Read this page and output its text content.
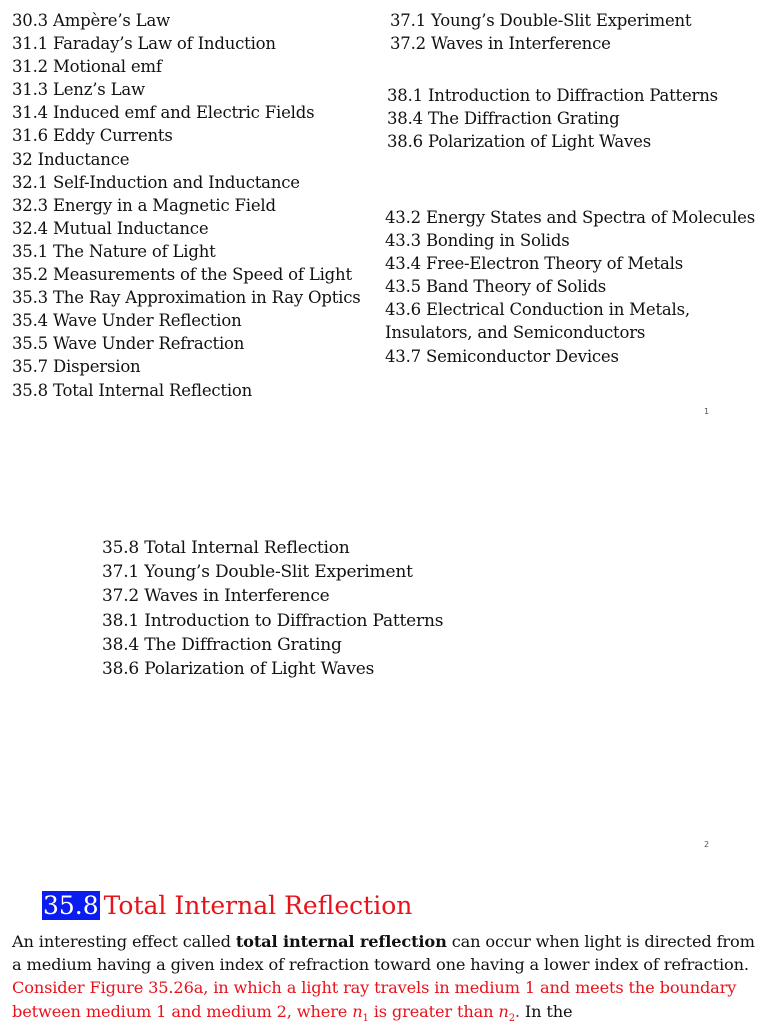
30.3 Ampère’s Law
31.1 Faraday’s Law of Induction
31.2 Motional emf
31.3 Lenz’s Law
31.4 Induced emf and Electric Fields
31.6 Eddy Currents
32 Inductance
32.1 Self-Induction and Inductance
32.3 Energy in a Magnetic Field
32.4 Mutual Inductance
35.1 The Nature of Light
35.2 Measurements of the Speed of Light
35.3 The Ray Approximation in Ray Optics
35.4 Wave Under Reflection
35.5 Wave Under Refraction
35.7 Dispersion
35.8 Total Internal Reflection
37.1 Young’s Double-Slit Experiment
37.2 Waves in Interference
38.1 Introduction to Diffraction Patterns
38.4 The Diffraction Grating
38.6 Polarization of Light Waves
43.2 Energy States and Spectra of Molecules
43.3 Bonding in Solids
43.4 Free-Electron Theory of Metals
43.5 Band Theory of Solids
43.6 Electrical Conduction in Metals, Insulators, and Semiconductors
43.7 Semiconductor Devices
1
35.8 Total Internal Reflection
37.1 Young’s Double-Slit Experiment
37.2 Waves in Interference
38.1 Introduction to Diffraction Patterns
38.4 The Diffraction Grating
38.6 Polarization of Light Waves
2
35.8 Total Internal Reflection

An interesting effect called total internal reflection can occur when light is directed from a medium having a given index of refraction toward one having a lower index of refraction. Consider Figure 35.26a, in which a light ray travels in medium 1 and meets the boundary between medium 1 and medium 2, where $n_1$ is greater than $n_2$. In the
